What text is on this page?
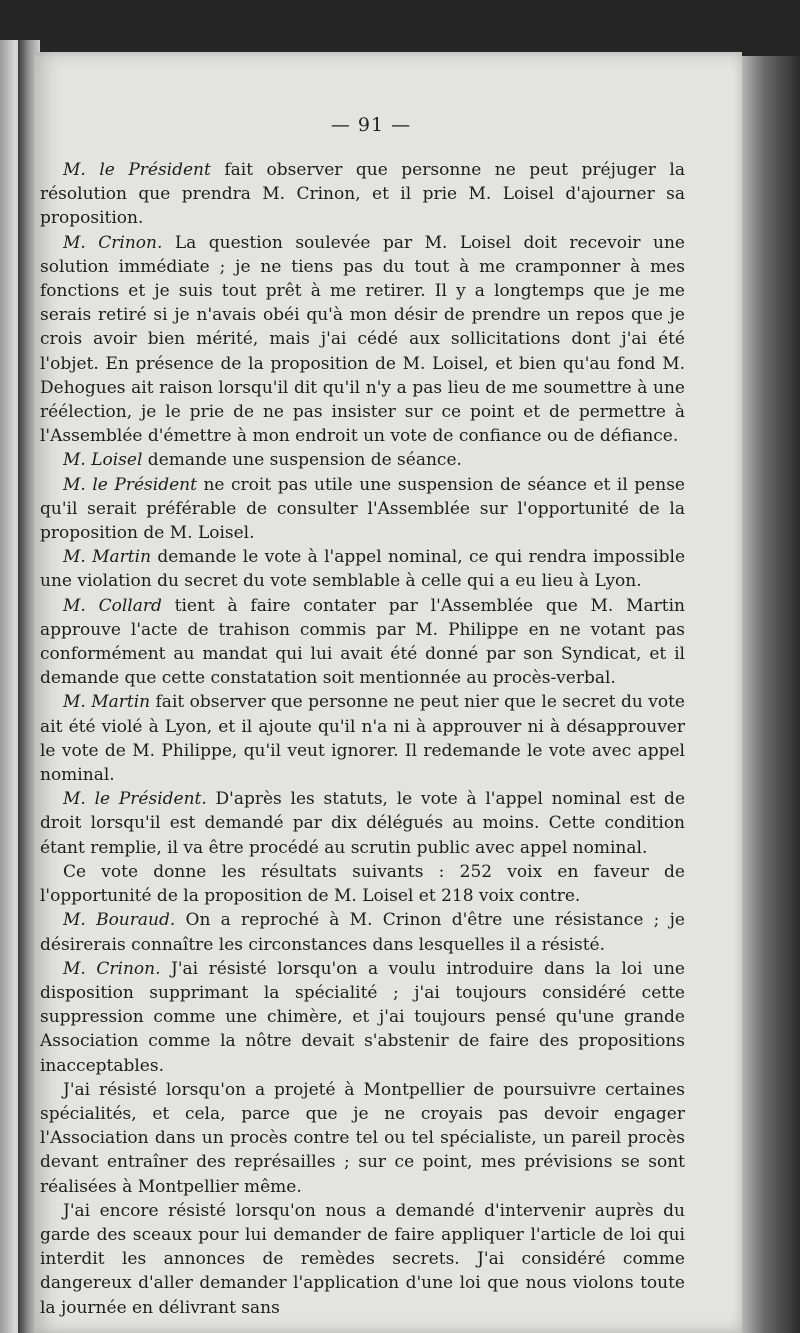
— 91 —

M. le Président fait observer que personne ne peut préjuger la résolution que prendra M. Crinon, et il prie M. Loisel d'ajourner sa proposition.

M. Crinon. La question soulevée par M. Loisel doit recevoir une solution immédiate ; je ne tiens pas du tout à me cramponner à mes fonctions et je suis tout prêt à me retirer. Il y a longtemps que je me serais retiré si je n'avais obéi qu'à mon désir de prendre un repos que je crois avoir bien mérité, mais j'ai cédé aux sollicitations dont j'ai été l'objet. En présence de la proposition de M. Loisel, et bien qu'au fond M. Dehogues ait raison lorsqu'il dit qu'il n'y a pas lieu de me soumettre à une réélection, je le prie de ne pas insister sur ce point et de permettre à l'Assemblée d'émettre à mon endroit un vote de confiance ou de défiance.

M. Loisel demande une suspension de séance.

M. le Président ne croit pas utile une suspension de séance et il pense qu'il serait préférable de consulter l'Assemblée sur l'opportunité de la proposition de M. Loisel.

M. Martin demande le vote à l'appel nominal, ce qui rendra impossible une violation du secret du vote semblable à celle qui a eu lieu à Lyon.

M. Collard tient à faire contater par l'Assemblée que M. Martin approuve l'acte de trahison commis par M. Philippe en ne votant pas conformément au mandat qui lui avait été donné par son Syndicat, et il demande que cette constatation soit mentionnée au procès-verbal.

M. Martin fait observer que personne ne peut nier que le secret du vote ait été violé à Lyon, et il ajoute qu'il n'a ni à approuver ni à désapprouver le vote de M. Philippe, qu'il veut ignorer. Il redemande le vote avec appel nominal.

M. le Président. D'après les statuts, le vote à l'appel nominal est de droit lorsqu'il est demandé par dix délégués au moins. Cette condition étant remplie, il va être procédé au scrutin public avec appel nominal.

Ce vote donne les résultats suivants : 252 voix en faveur de l'opportunité de la proposition de M. Loisel et 218 voix contre.

M. Bouraud. On a reproché à M. Crinon d'être une résistance ; je désirerais connaître les circonstances dans lesquelles il a résisté.

M. Crinon. J'ai résisté lorsqu'on a voulu introduire dans la loi une disposition supprimant la spécialité ; j'ai toujours considéré cette suppression comme une chimère, et j'ai toujours pensé qu'une grande Association comme la nôtre devait s'abstenir de faire des propositions inacceptables.

J'ai résisté lorsqu'on a projeté à Montpellier de poursuivre certaines spécialités, et cela, parce que je ne croyais pas devoir engager l'Association dans un procès contre tel ou tel spécialiste, un pareil procès devant entraîner des représailles ; sur ce point, mes prévisions se sont réalisées à Montpellier même.

J'ai encore résisté lorsqu'on nous a demandé d'intervenir auprès du garde des sceaux pour lui demander de faire appliquer l'article de loi qui interdit les annonces de remèdes secrets. J'ai considéré comme dangereux d'aller demander l'application d'une loi que nous violons toute la journée en délivrant sans
